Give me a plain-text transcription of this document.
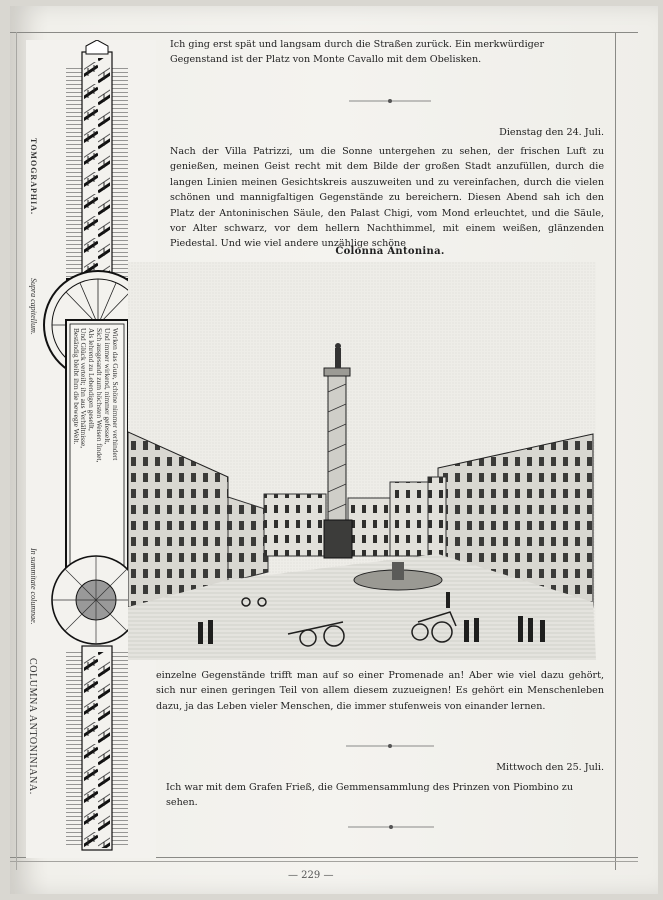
Wirken das Gute, Schöne nimmer verhindert
Und immer wirkend, nimmer gefesselt,
Sich ausgesandt zum höchsten Weisen findet,
Als lehrend zu Lebendigen gesellt,
Und Glück verteilt; ihn aus Verhältnisse,
Beständig bleibt ihm die bewegte Welt.
TOMOGRAPHIA.
Supra capitellum.
In summitate columnae.
COLUMNA ANTONINIANA.
Ich ging erst spät und langsam durch die Straßen zurück. Ein merkwürdiger Gegenstand ist der Platz von Monte Cavallo mit dem Obelisken.
Dienstag den 24. Juli.
Nach der Villa Patrizzi, um die Sonne untergehen zu sehen, der frischen Luft zu genießen, meinen Geist recht mit dem Bilde der großen Stadt anzufüllen, durch die langen Linien meinen Gesichtskreis auszuweiten und zu vereinfachen, durch die vielen schönen und mannigfaltigen Gegenstände zu bereichern. Diesen Abend sah ich den Platz der Antoninischen Säule, den Palast Chigi, vom Mond erleuchtet, und die Säule, vor Alter schwarz, vor dem hellern Nachthimmel, mit einem weißen, glänzenden Piedestal. Und wie viel andere unzählige schöne
Colonna Antonina.
einzelne Gegenstände trifft man auf so einer Promenade an! Aber wie viel dazu gehört, sich nur einen geringen Teil von allem diesem zuzueignen! Es gehört ein Menschenleben dazu, ja das Leben vieler Menschen, die immer stufenweis von einander lernen.
Mittwoch den 25. Juli.
Ich war mit dem Grafen Frieß, die Gemmensammlung des Prinzen von Piombino zu sehen.
— 229 —
